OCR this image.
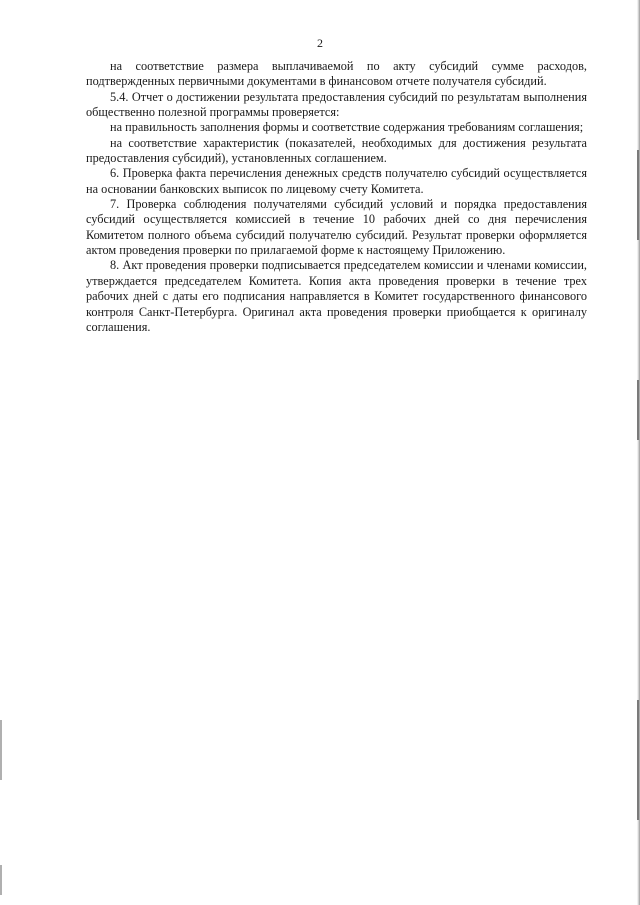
2

на соответствие размера выплачиваемой по акту субсидий сумме расходов, подтвержденных первичными документами в финансовом отчете получателя субсидий.

5.4. Отчет о достижении результата предоставления субсидий по результатам выполнения общественно полезной программы проверяется:

на правильность заполнения формы и соответствие содержания требованиям соглашения;

на соответствие характеристик (показателей, необходимых для достижения результата предоставления субсидий), установленных соглашением.

6. Проверка факта перечисления денежных средств получателю субсидий осуществляется на основании банковских выписок по лицевому счету Комитета.

7. Проверка соблюдения получателями субсидий условий и порядка предоставления субсидий осуществляется комиссией в течение 10 рабочих дней со дня перечисления Комитетом полного объема субсидий получателю субсидий. Результат проверки оформляется актом проведения проверки по прилагаемой форме к настоящему Приложению.

8. Акт проведения проверки подписывается председателем комиссии и членами комиссии, утверждается председателем Комитета. Копия акта проведения проверки в течение трех рабочих дней с даты его подписания направляется в Комитет государственного финансового контроля Санкт-Петербурга. Оригинал акта проведения проверки приобщается к оригиналу соглашения.
